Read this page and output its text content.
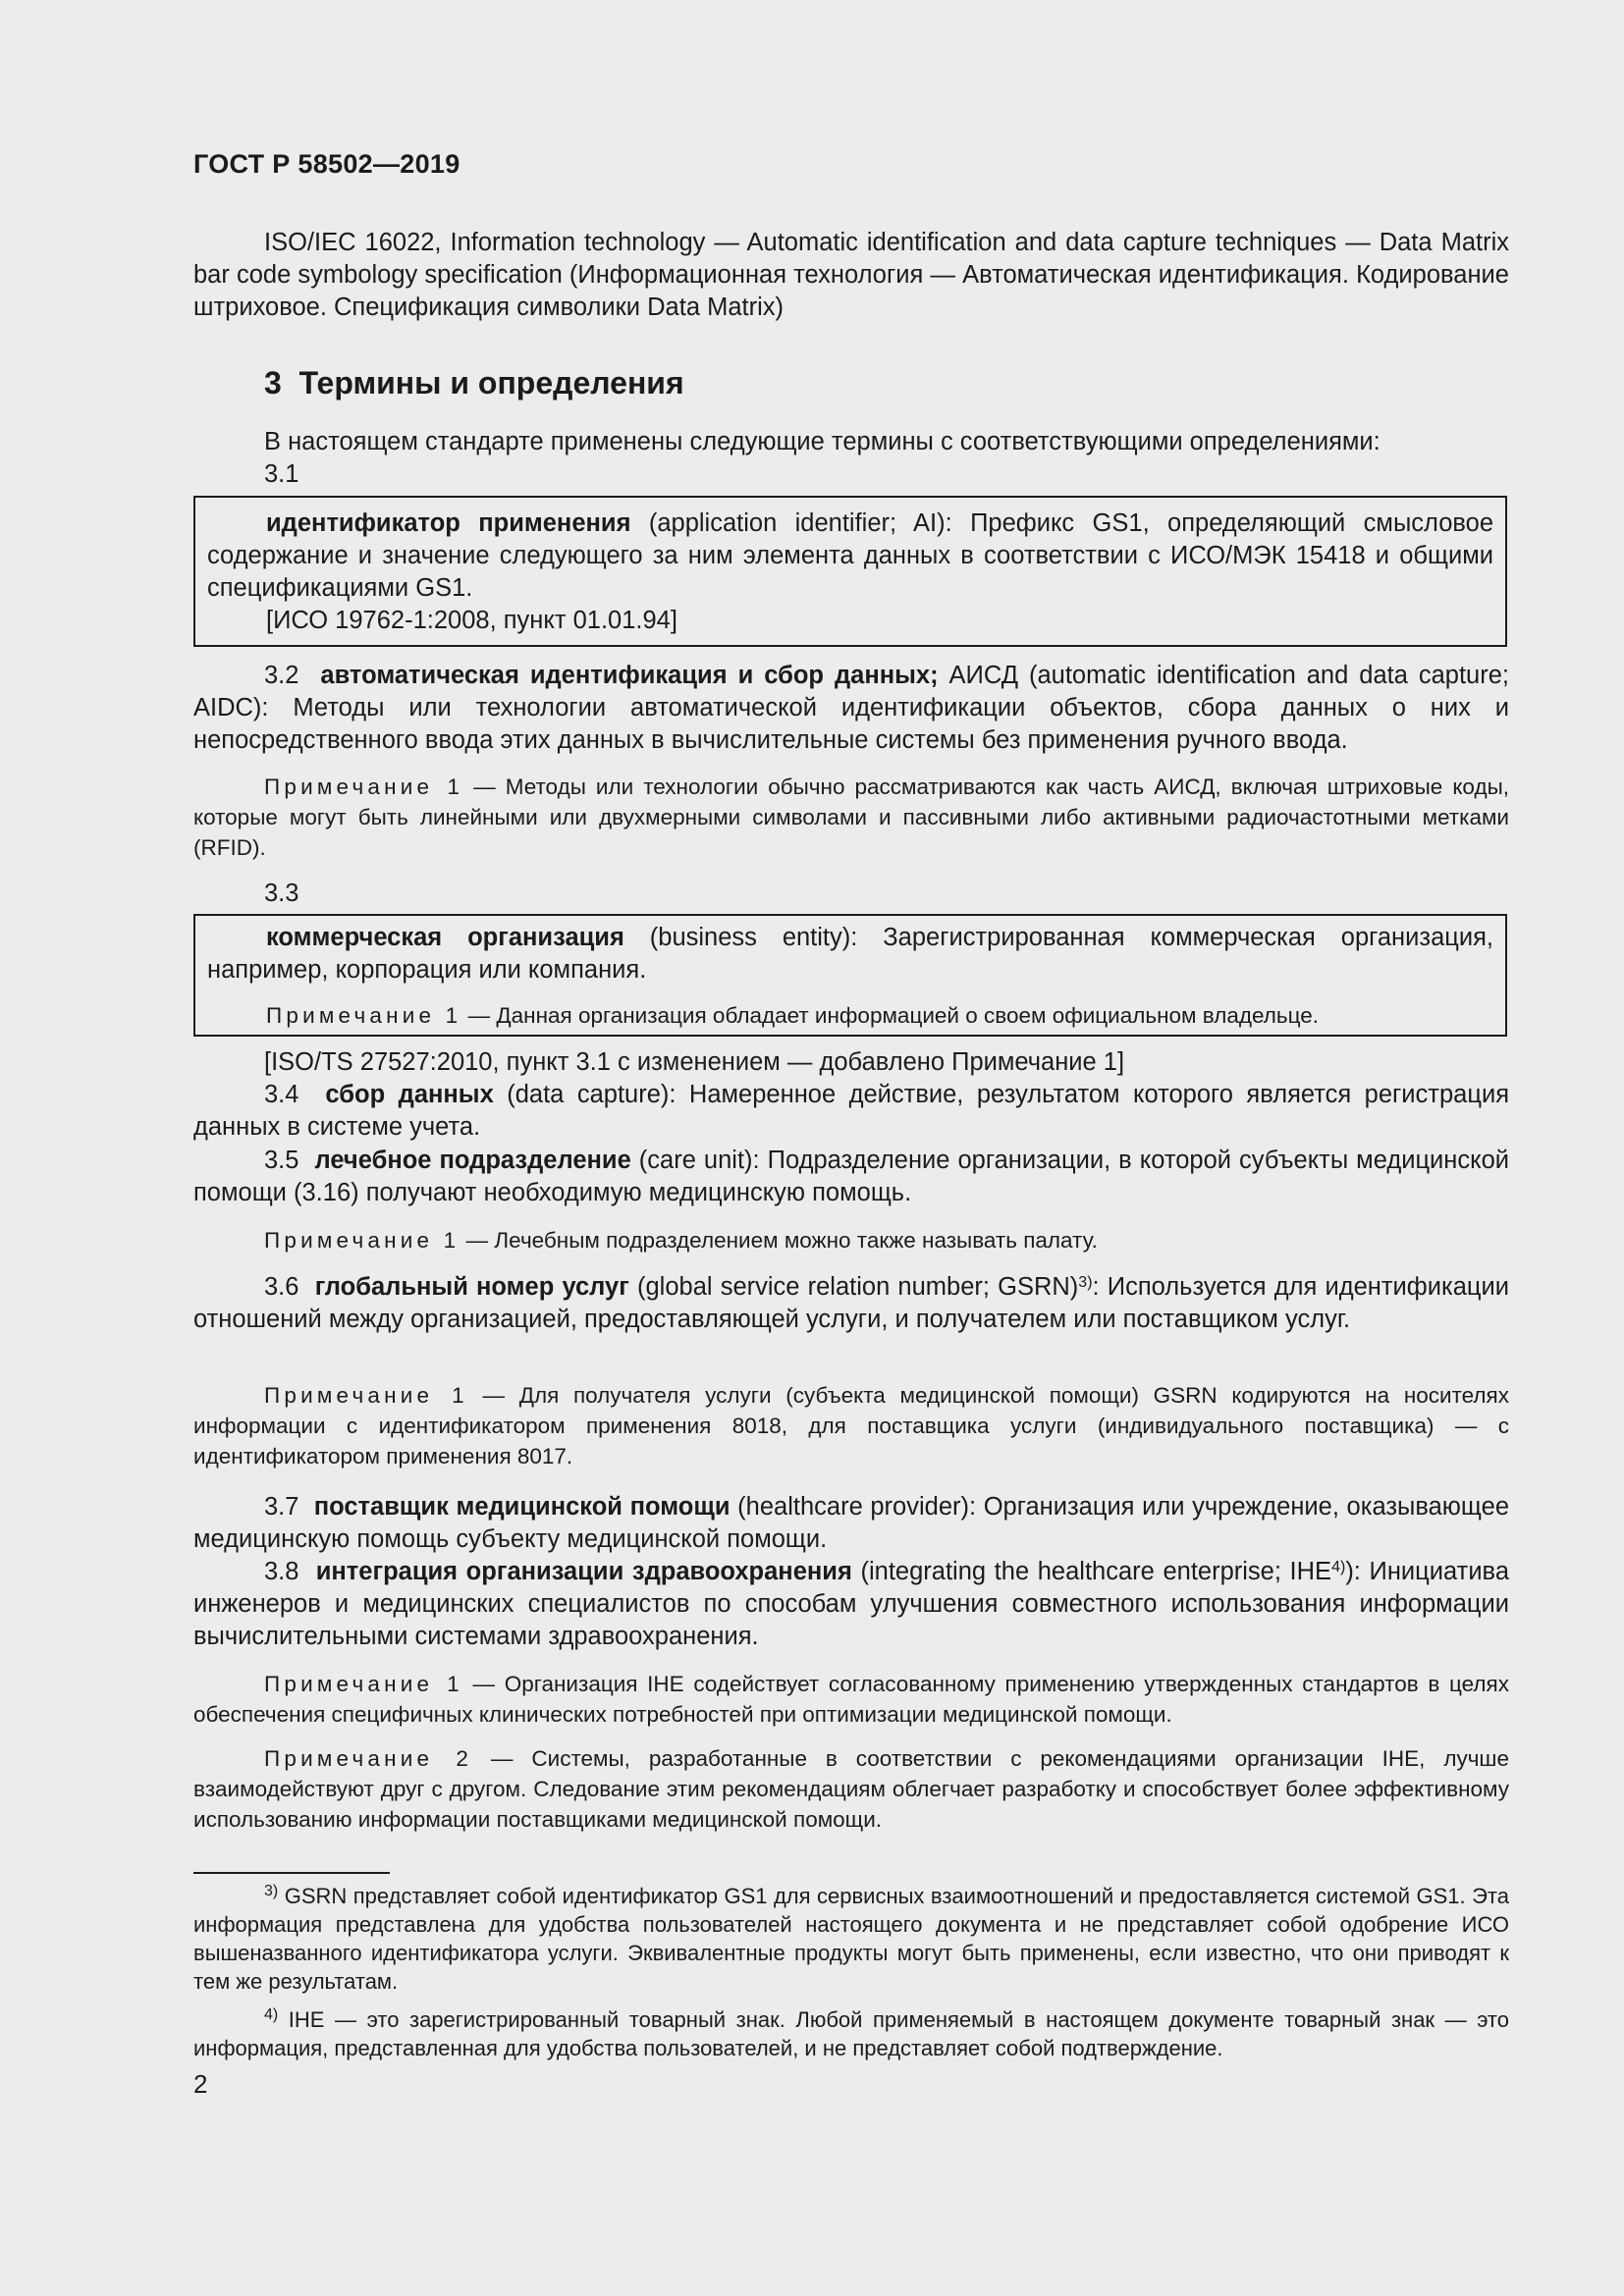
ГОСТ Р 58502—2019

ISO/IEC 16022, Information technology — Automatic identification and data capture techniques — Data Matrix bar code symbology specification (Информационная технология — Автоматическая идентификация. Кодирование штриховое. Спецификация символики Data Matrix)

3 Термины и определения

В настоящем стандарте применены следующие термины с соответствующими определениями:

3.1

идентификатор применения (application identifier; AI): Префикс GS1, определяющий смысловое содержание и значение следующего за ним элемента данных в соответствии с ИСО/МЭК 15418 и общими спецификациями GS1.

[ИСО 19762-1:2008, пункт 01.01.94]

3.2 автоматическая идентификация и сбор данных; АИСД (automatic identification and data capture; AIDC): Методы или технологии автоматической идентификации объектов, сбора данных о них и непосредственного ввода этих данных в вычислительные системы без применения ручного ввода.

Примечание 1 — Методы или технологии обычно рассматриваются как часть АИСД, включая штриховые коды, которые могут быть линейными или двухмерными символами и пассивными либо активными радиочастотными метками (RFID).

3.3

коммерческая организация (business entity): Зарегистрированная коммерческая организация, например, корпорация или компания.

Примечание 1 — Данная организация обладает информацией о своем официальном владельце.

[ISO/TS 27527:2010, пункт 3.1 с изменением — добавлено Примечание 1]

3.4 сбор данных (data capture): Намеренное действие, результатом которого является регистрация данных в системе учета.

3.5 лечебное подразделение (care unit): Подразделение организации, в которой субъекты медицинской помощи (3.16) получают необходимую медицинскую помощь.

Примечание 1 — Лечебным подразделением можно также называть палату.

3.6 глобальный номер услуг (global service relation number; GSRN)$^{3)}$: Используется для идентификации отношений между организацией, предоставляющей услуги, и получателем или поставщиком услуг.

Примечание 1 — Для получателя услуги (субъекта медицинской помощи) GSRN кодируются на носителях информации с идентификатором применения 8018, для поставщика услуги (индивидуального поставщика) — с идентификатором применения 8017.

3.7 поставщик медицинской помощи (healthcare provider): Организация или учреждение, оказывающее медицинскую помощь субъекту медицинской помощи.

3.8 интеграция организации здравоохранения (integrating the healthcare enterprise; IHE$^{4)}$): Инициатива инженеров и медицинских специалистов по способам улучшения совместного использования информации вычислительными системами здравоохранения.

Примечание 1 — Организация IHE содействует согласованному применению утвержденных стандартов в целях обеспечения специфичных клинических потребностей при оптимизации медицинской помощи.

Примечание 2 — Системы, разработанные в соответствии с рекомендациями организации IHE, лучше взаимодействуют друг с другом. Следование этим рекомендациям облегчает разработку и способствует более эффективному использованию информации поставщиками медицинской помощи.

$^{3)}$ GSRN представляет собой идентификатор GS1 для сервисных взаимоотношений и предоставляется системой GS1. Эта информация представлена для удобства пользователей настоящего документа и не представляет собой одобрение ИСО вышеназванного идентификатора услуги. Эквивалентные продукты могут быть применены, если известно, что они приводят к тем же результатам.

$^{4)}$ IHE — это зарегистрированный товарный знак. Любой применяемый в настоящем документе товарный знак — это информация, представленная для удобства пользователей, и не представляет собой подтверждение.

2
